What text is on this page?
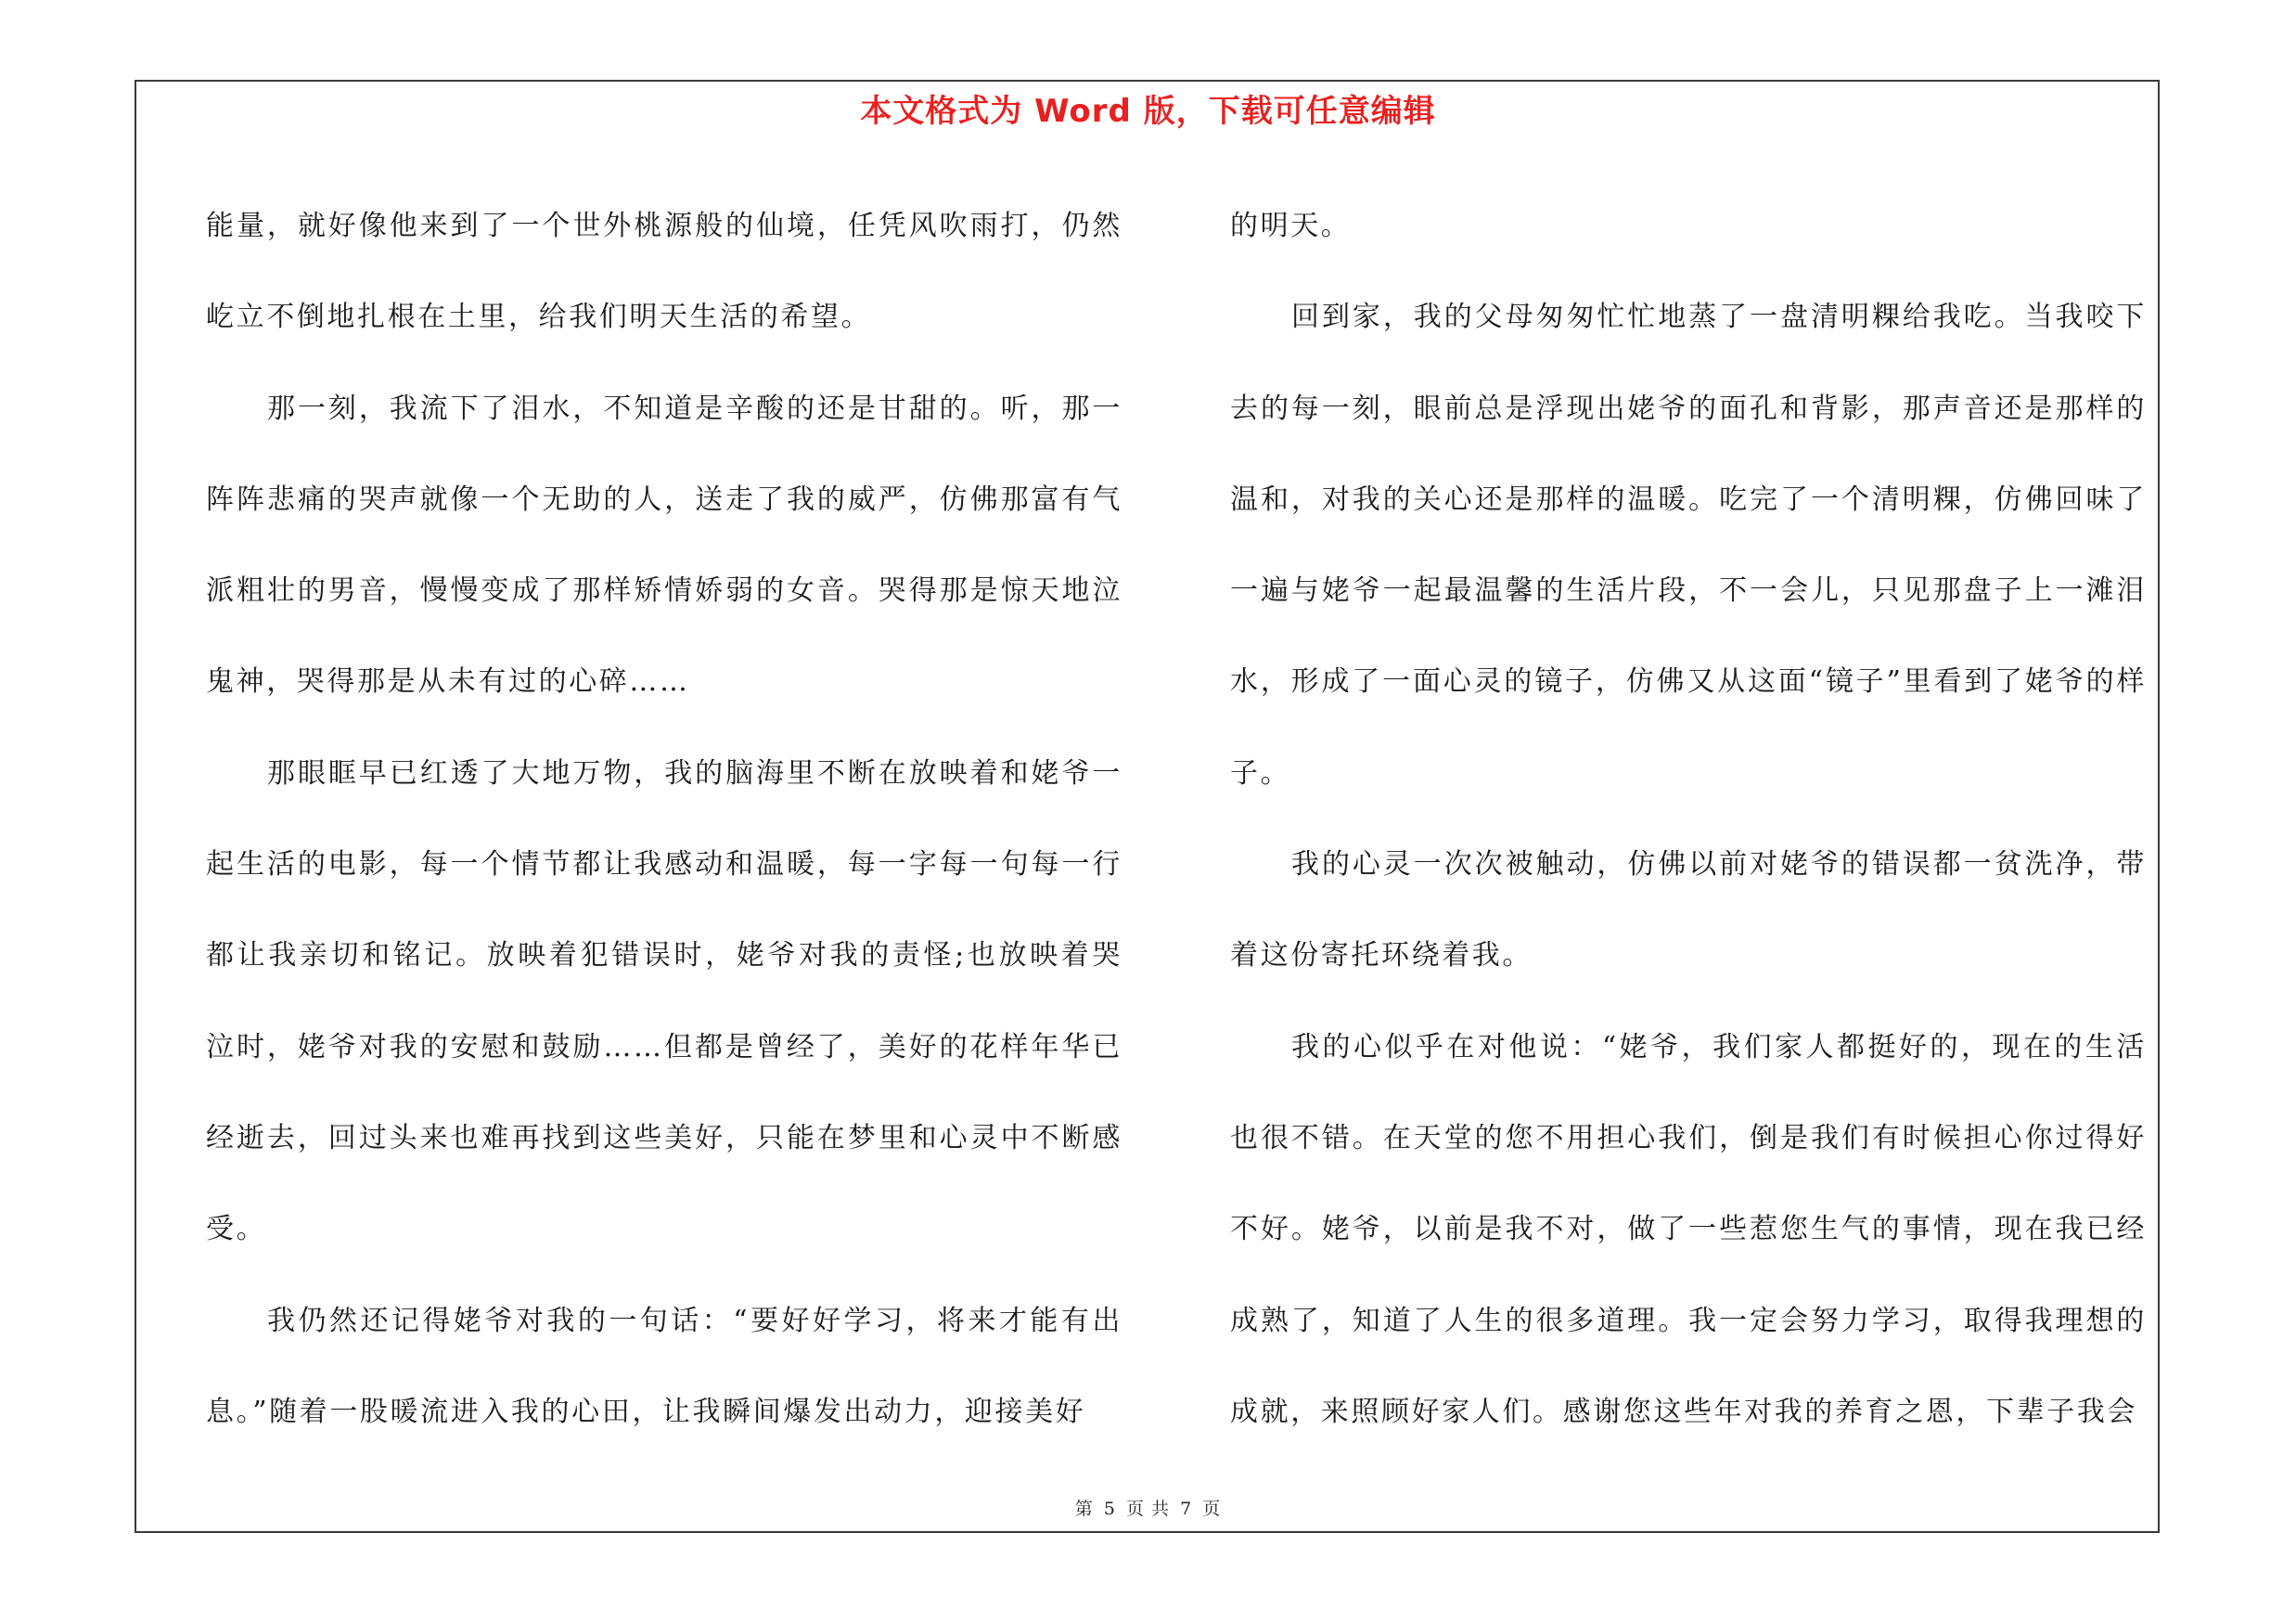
本文格式为 Word 版，下载可任意编辑

能量，就好像他来到了一个世外桃源般的仙境，任凭风吹雨打，仍然屹立不倒地扎根在土里，给我们明天生活的希望。

那一刻，我流下了泪水，不知道是辛酸的还是甘甜的。听，那一阵阵悲痛的哭声就像一个无助的人，送走了我的威严，仿佛那富有气派粗壮的男音，慢慢变成了那样矫情娇弱的女音。哭得那是惊天地泣鬼神，哭得那是从未有过的心碎……

那眼眶早已红透了大地万物，我的脑海里不断在放映着和姥爷一起生活的电影，每一个情节都让我感动和温暖，每一字每一句每一行都让我亲切和铭记。放映着犯错误时，姥爷对我的责怪;也放映着哭泣时，姥爷对我的安慰和鼓励……但都是曾经了，美好的花样年华已经逝去，回过头来也难再找到这些美好，只能在梦里和心灵中不断感受。

我仍然还记得姥爷对我的一句话：“要好好学习，将来才能有出息。”随着一股暖流进入我的心田，让我瞬间爆发出动力，迎接美好

的明天。

回到家，我的父母匆匆忙忙地蒸了一盘清明粿给我吃。当我咬下去的每一刻，眼前总是浮现出姥爷的面孔和背影，那声音还是那样的温和，对我的关心还是那样的温暖。吃完了一个清明粿，仿佛回味了一遍与姥爷一起最温馨的生活片段，不一会儿，只见那盘子上一滩泪水，形成了一面心灵的镜子，仿佛又从这面“镜子”里看到了姥爷的样子。

我的心灵一次次被触动，仿佛以前对姥爷的错误都一贫洗净，带着这份寄托环绕着我。

我的心似乎在对他说：“姥爷，我们家人都挺好的，现在的生活也很不错。在天堂的您不用担心我们，倒是我们有时候担心你过得好不好。姥爷，以前是我不对，做了一些惹您生气的事情，现在我已经成熟了，知道了人生的很多道理。我一定会努力学习，取得我理想的成就，来照顾好家人们。感谢您这些年对我的养育之恩，下辈子我会

第 5 页 共 7 页
